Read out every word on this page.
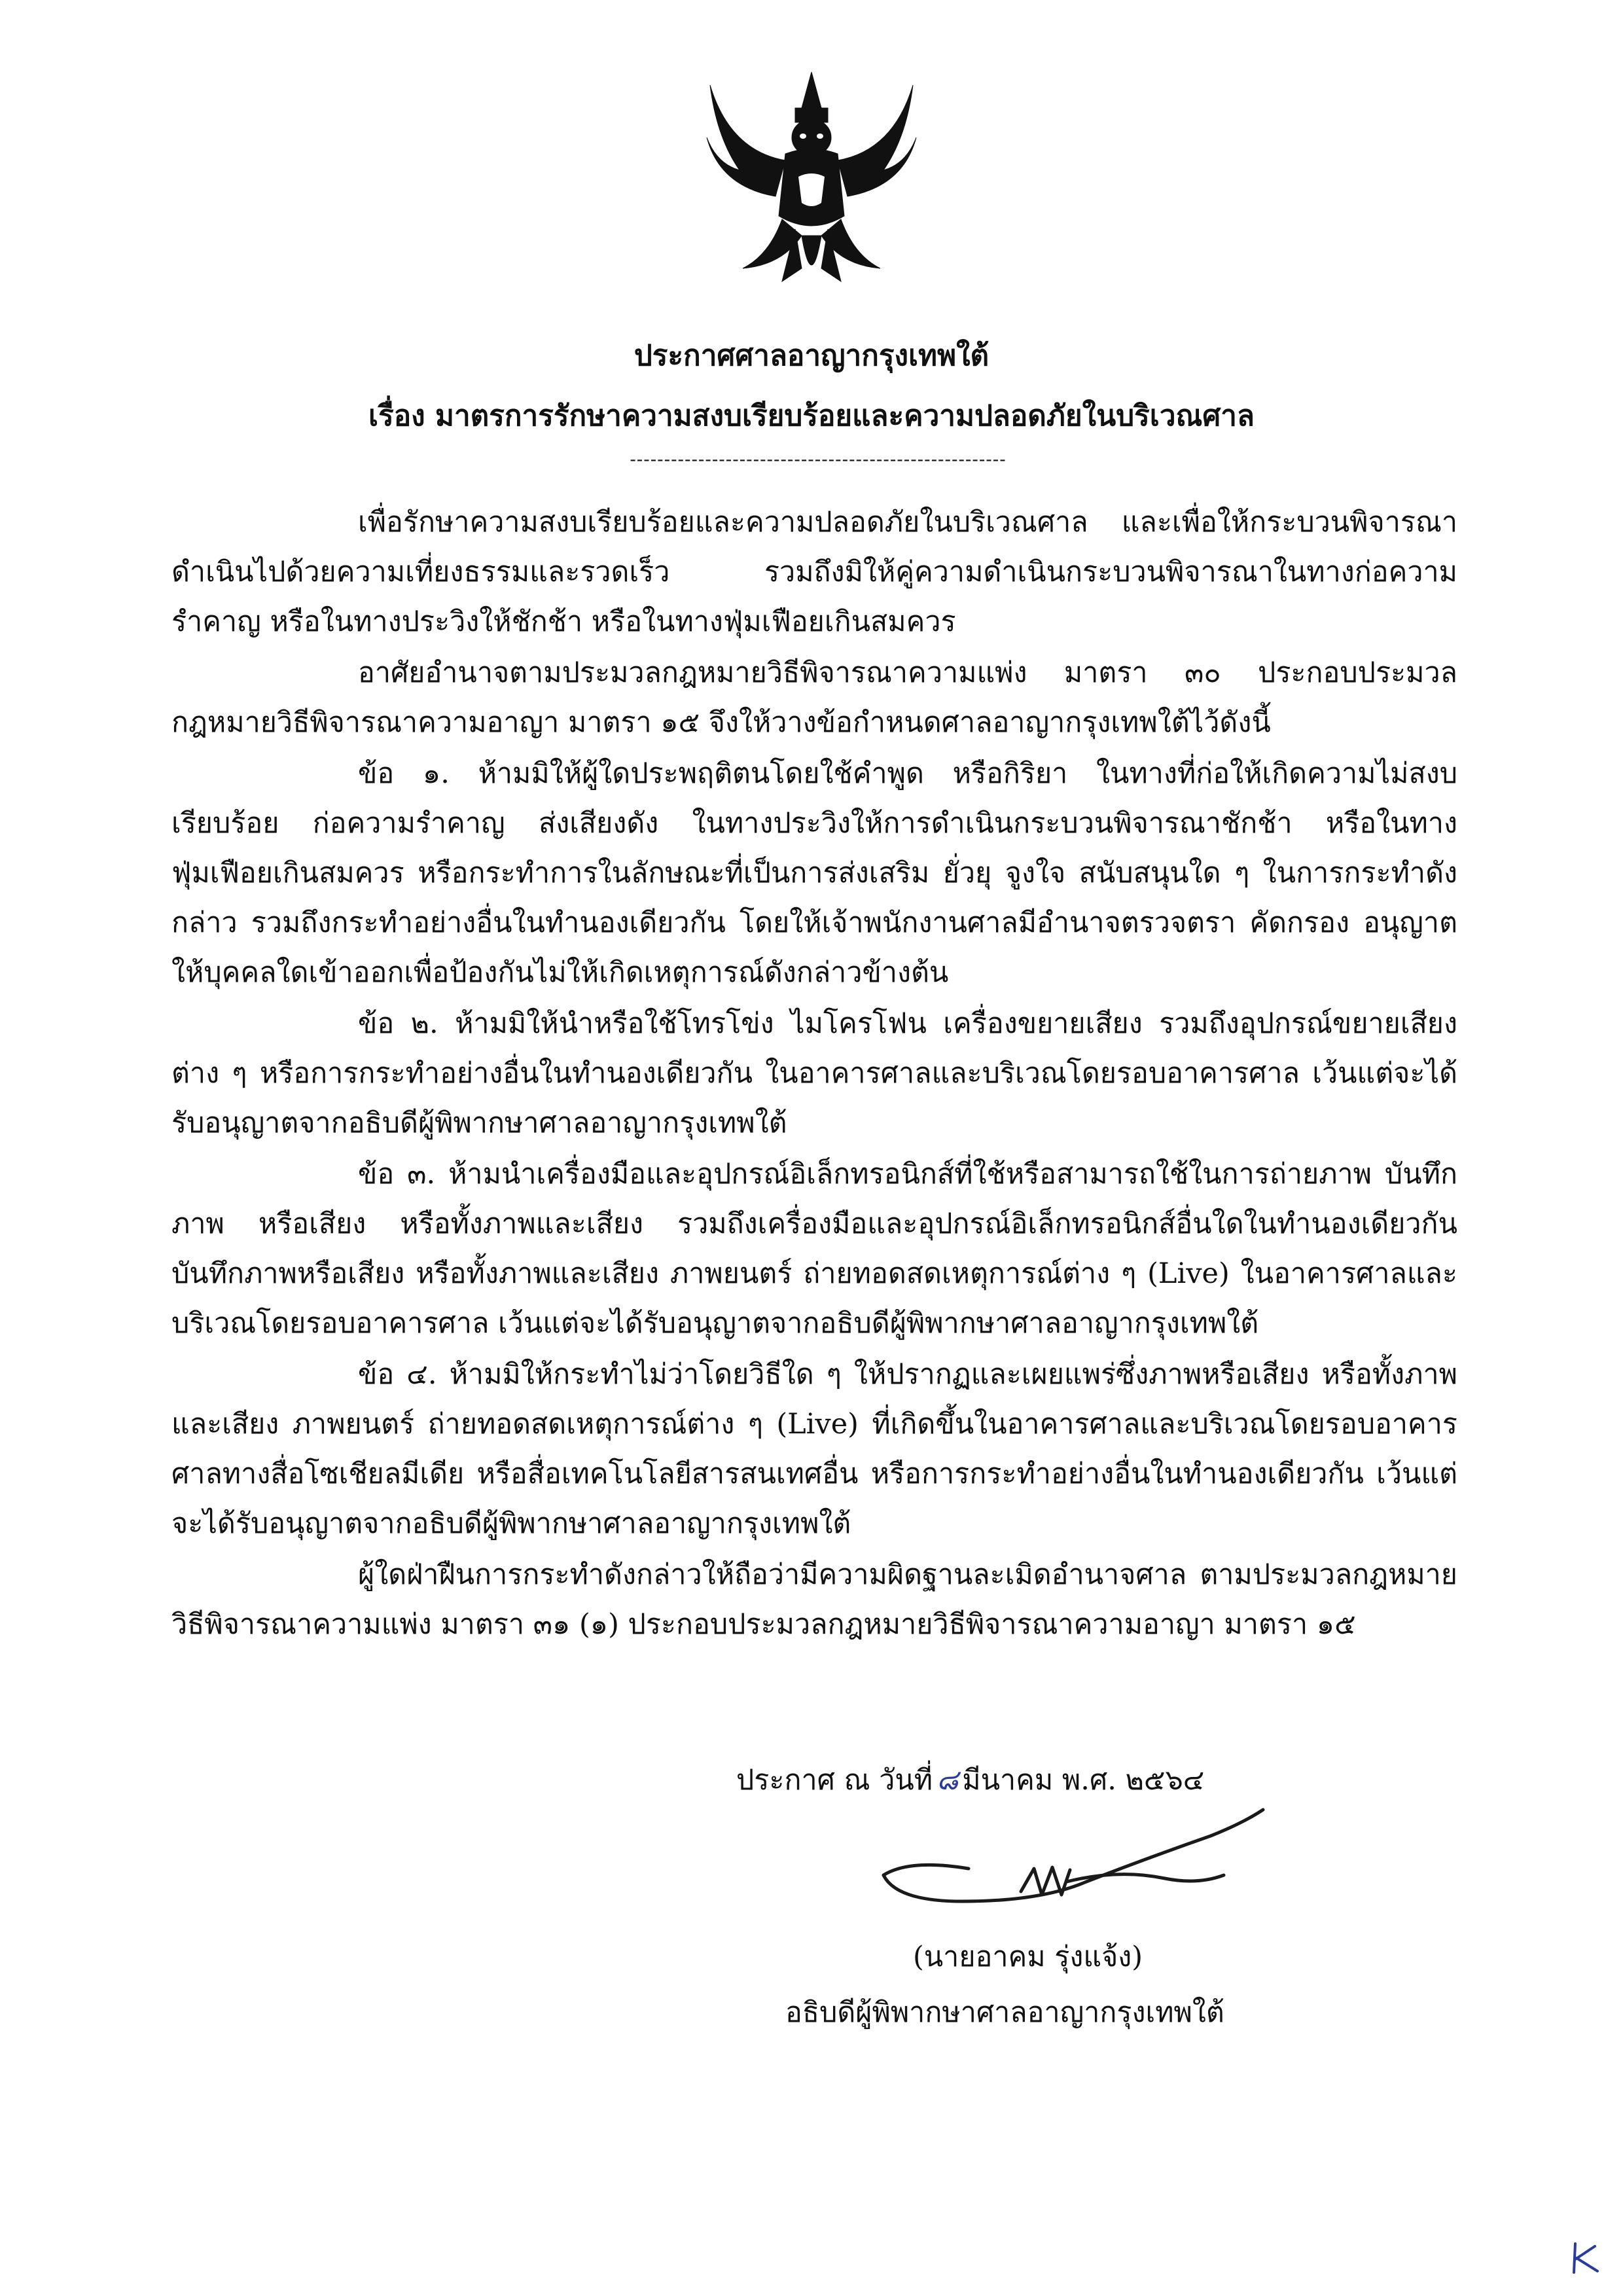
ประกาศศาลอาญากรุงเทพใต้
เรื่อง มาตรการรักษาความสงบเรียบร้อยและความปลอดภัยในบริเวณศาล
-------------------------------------------------------

เพื่อรักษาความสงบเรียบร้อยและความปลอดภัยในบริเวณศาล และเพื่อให้กระบวนพิจารณาดำเนินไปด้วยความเที่ยงธรรมและรวดเร็ว รวมถึงมิให้คู่ความดำเนินกระบวนพิจารณาในทางก่อความรำคาญ หรือในทางประวิงให้ชักช้า หรือในทางฟุ่มเฟือยเกินสมควร

อาศัยอำนาจตามประมวลกฎหมายวิธีพิจารณาความแพ่ง มาตรา ๓๐ ประกอบประมวลกฎหมายวิธีพิจารณาความอาญา มาตรา ๑๕ จึงให้วางข้อกำหนดศาลอาญากรุงเทพใต้ไว้ดังนี้

ข้อ ๑. ห้ามมิให้ผู้ใดประพฤติตนโดยใช้คำพูด หรือกิริยา ในทางที่ก่อให้เกิดความไม่สงบเรียบร้อย ก่อความรำคาญ ส่งเสียงดัง ในทางประวิงให้การดำเนินกระบวนพิจารณาชักช้า หรือในทางฟุ่มเฟือยเกินสมควร หรือกระทำการในลักษณะที่เป็นการส่งเสริม ยั่วยุ จูงใจ สนับสนุนใด ๆ ในการกระทำดังกล่าว รวมถึงกระทำอย่างอื่นในทำนองเดียวกัน โดยให้เจ้าพนักงานศาลมีอำนาจตรวจตรา คัดกรอง อนุญาตให้บุคคลใดเข้าออกเพื่อป้องกันไม่ให้เกิดเหตุการณ์ดังกล่าวข้างต้น

ข้อ ๒. ห้ามมิให้นำหรือใช้โทรโข่ง ไมโครโฟน เครื่องขยายเสียง รวมถึงอุปกรณ์ขยายเสียงต่าง ๆ หรือการกระทำอย่างอื่นในทำนองเดียวกัน ในอาคารศาลและบริเวณโดยรอบอาคารศาล เว้นแต่จะได้รับอนุญาตจากอธิบดีผู้พิพากษาศาลอาญากรุงเทพใต้

ข้อ ๓. ห้ามนำเครื่องมือและอุปกรณ์อิเล็กทรอนิกส์ที่ใช้หรือสามารถใช้ในการถ่ายภาพ บันทึกภาพ หรือเสียง หรือทั้งภาพและเสียง รวมถึงเครื่องมือและอุปกรณ์อิเล็กทรอนิกส์อื่นใดในทำนองเดียวกัน บันทึกภาพหรือเสียง หรือทั้งภาพและเสียง ภาพยนตร์ ถ่ายทอดสดเหตุการณ์ต่าง ๆ (Live) ในอาคารศาลและบริเวณโดยรอบอาคารศาล เว้นแต่จะได้รับอนุญาตจากอธิบดีผู้พิพากษาศาลอาญากรุงเทพใต้

ข้อ ๔. ห้ามมิให้กระทำไม่ว่าโดยวิธีใด ๆ ให้ปรากฏและเผยแพร่ซึ่งภาพหรือเสียง หรือทั้งภาพและเสียง ภาพยนตร์ ถ่ายทอดสดเหตุการณ์ต่าง ๆ (Live) ที่เกิดขึ้นในอาคารศาลและบริเวณโดยรอบอาคารศาลทางสื่อโซเชียลมีเดีย หรือสื่อเทคโนโลยีสารสนเทศอื่น หรือการกระทำอย่างอื่นในทำนองเดียวกัน เว้นแต่จะได้รับอนุญาตจากอธิบดีผู้พิพากษาศาลอาญากรุงเทพใต้

ผู้ใดฝ่าฝืนการกระทำดังกล่าวให้ถือว่ามีความผิดฐานละเมิดอำนาจศาล ตามประมวลกฎหมายวิธีพิจารณาความแพ่ง มาตรา ๓๑ (๑) ประกอบประมวลกฎหมายวิธีพิจารณาความอาญา มาตรา ๑๕

ประกาศ ณ วันที่ ๘ มีนาคม พ.ศ. ๒๕๖๔
(นายอาคม รุ่งแจ้ง)
อธิบดีผู้พิพากษาศาลอาญากรุงเทพใต้
